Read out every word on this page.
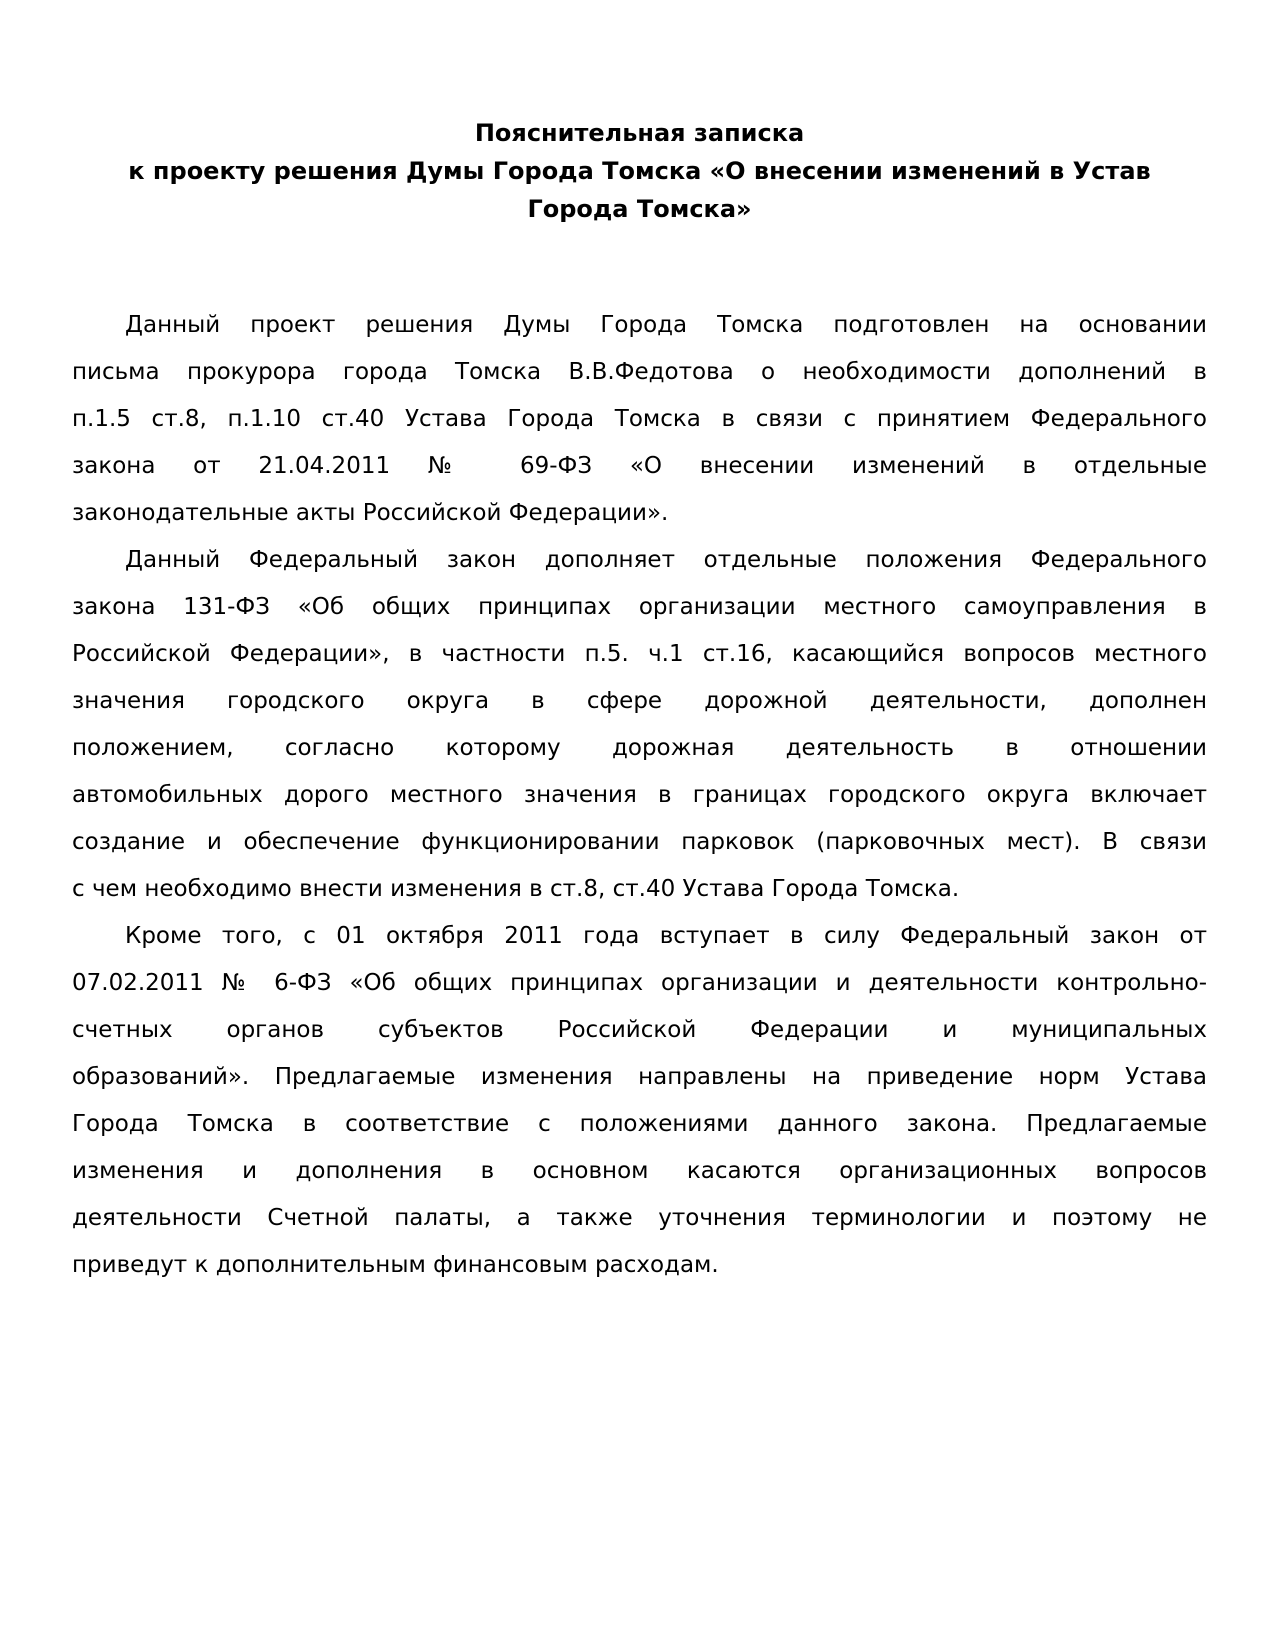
Пояснительная записка
к проекту решения Думы Города Томска «О внесении изменений в Устав
Города Томска»

Данный проект решения Думы Города Томска подготовлен на основании
письма прокурора города Томска В.В.Федотова о необходимости дополнений в
п.1.5 ст.8, п.1.10 ст.40 Устава Города Томска в связи с принятием Федерального
закона от 21.04.2011 № 69-ФЗ «О внесении изменений в отдельные
законодательные акты Российской Федерации».

Данный Федеральный закон дополняет отдельные положения Федерального
закона 131-ФЗ «Об общих принципах организации местного самоуправления в
Российской Федерации», в частности п.5. ч.1 ст.16, касающийся вопросов местного
значения городского округа в сфере дорожной деятельности, дополнен
положением, согласно которому дорожная деятельность в отношении
автомобильных дорого местного значения в границах городского округа включает
создание и обеспечение функционировании парковок (парковочных мест). В связи
с чем необходимо внести изменения в ст.8, ст.40 Устава Города Томска.

Кроме того, с 01 октября 2011 года вступает в силу Федеральный закон от
07.02.2011 № 6-ФЗ «Об общих принципах организации и деятельности контрольно-
счетных органов субъектов Российской Федерации и муниципальных
образований». Предлагаемые изменения направлены на приведение норм Устава
Города Томска в соответствие с положениями данного закона. Предлагаемые
изменения и дополнения в основном касаются организационных вопросов
деятельности Счетной палаты, а также уточнения терминологии и поэтому не
приведут к дополнительным финансовым расходам.
